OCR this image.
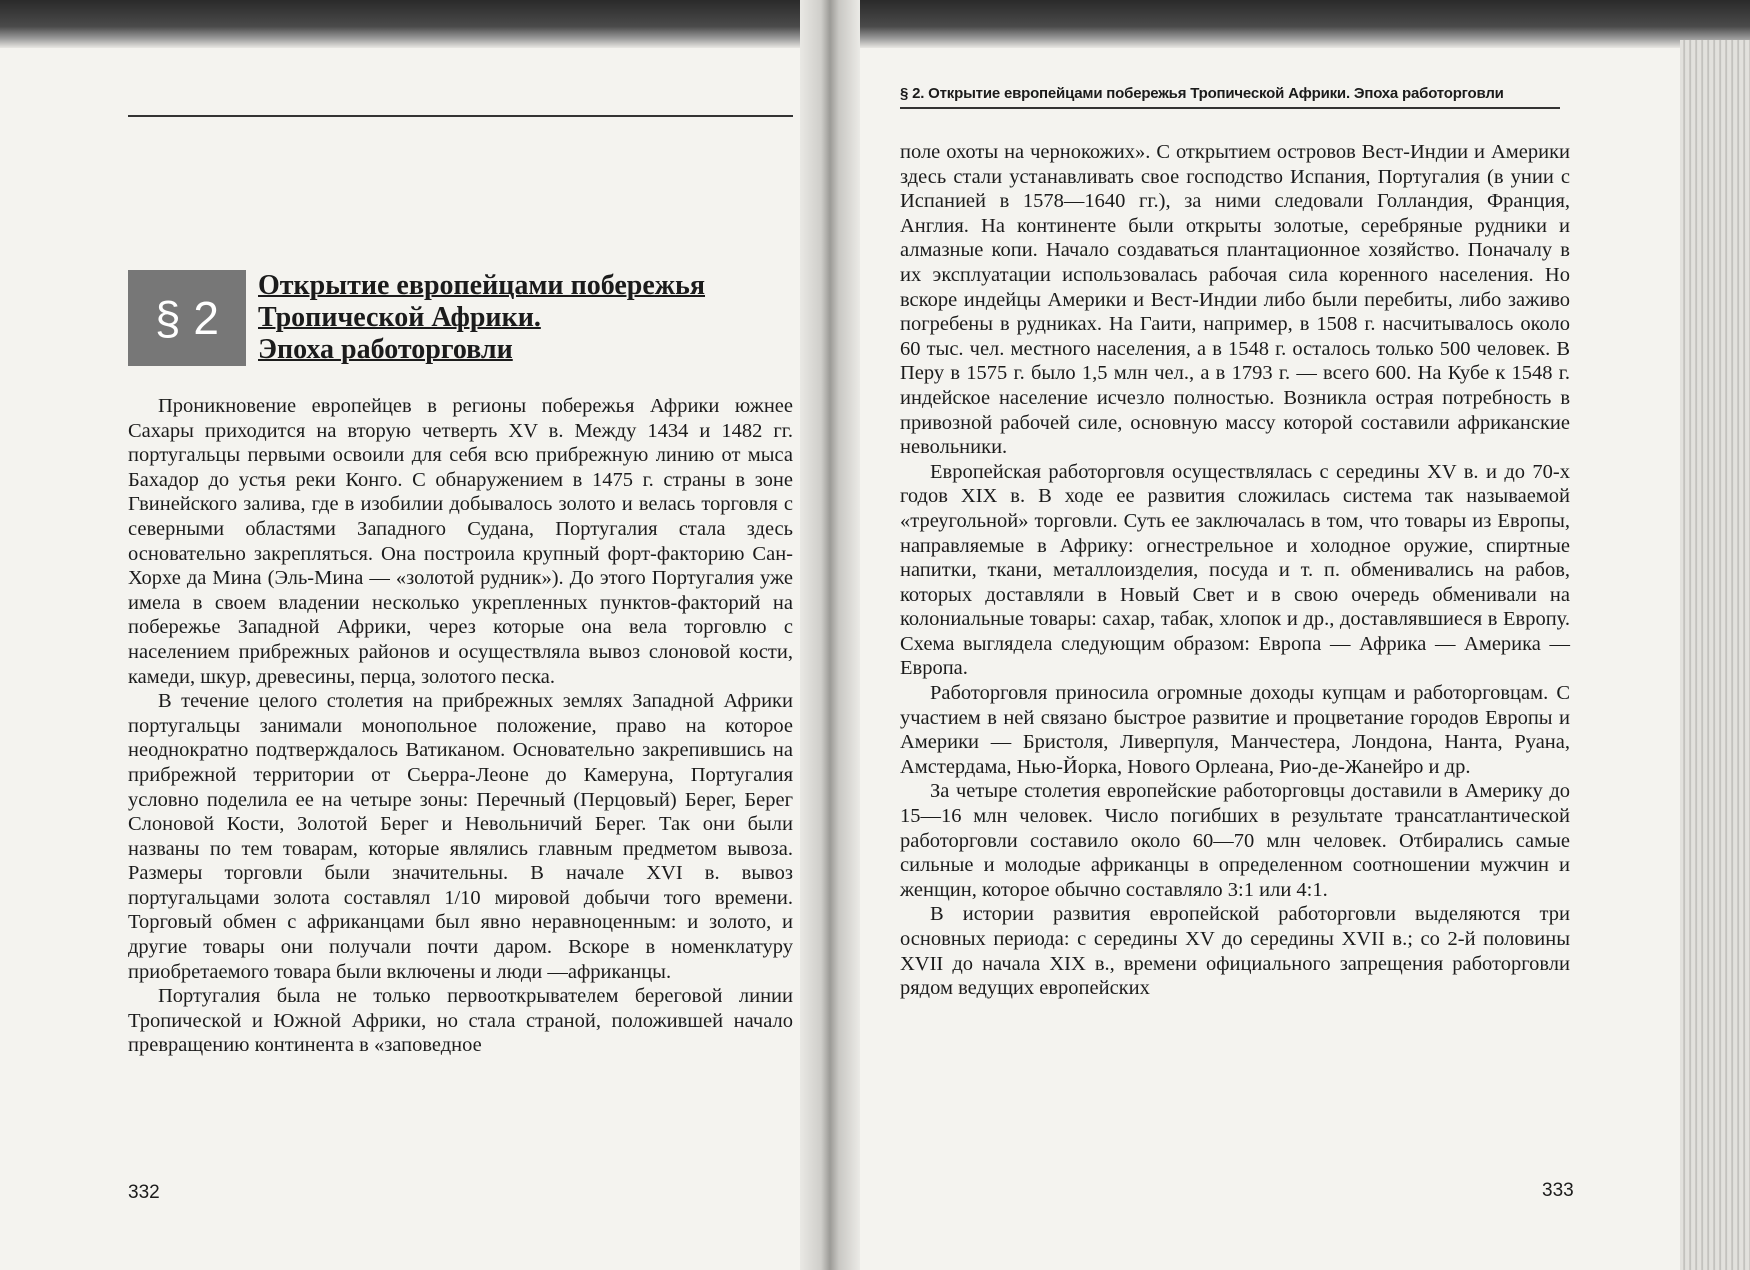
§ 2
Открытие европейцами побережья
Тропической Африки.
Эпоха работорговли

Проникновение европейцев в регионы побережья Африки южнее Сахары приходится на вторую четверть XV в. Между 1434 и 1482 гг. португальцы первыми освоили для себя всю прибрежную линию от мыса Бахадор до устья реки Конго. С обнаружением в 1475 г. страны в зоне Гвинейского залива, где в изобилии добывалось золото и велась торговля с северными областями Западного Судана, Португалия стала здесь основательно закрепляться. Она построила крупный форт-факторию Сан-Хорхе да Мина (Эль-Мина — «золотой рудник»). До этого Португалия уже имела в своем владении несколько укрепленных пунктов-факторий на побережье Западной Африки, через которые она вела торговлю с населением прибрежных районов и осуществляла вывоз слоновой кости, камеди, шкур, древесины, перца, золотого песка.

В течение целого столетия на прибрежных землях Западной Африки португальцы занимали монопольное положение, право на которое неоднократно подтверждалось Ватиканом. Основательно закрепившись на прибрежной территории от Сьерра-Леоне до Камеруна, Португалия условно поделила ее на четыре зоны: Перечный (Перцовый) Берег, Берег Слоновой Кости, Золотой Берег и Невольничий Берег. Так они были названы по тем товарам, которые являлись главным предметом вывоза. Размеры торговли были значительны. В начале XVI в. вывоз португальцами золота составлял 1/10 мировой добычи того времени. Торговый обмен с африканцами был явно неравноценным: и золото, и другие товары они получали почти даром. Вскоре в номенклатуру приобретаемого товара были включены и люди —африканцы.

Португалия была не только первооткрывателем береговой линии Тропической и Южной Африки, но стала страной, положившей начало превращению континента в «заповедное

332
§ 2. Открытие европейцами побережья Тропической Африки. Эпоха работорговли

поле охоты на чернокожих». С открытием островов Вест-Индии и Америки здесь стали устанавливать свое господство Испания, Португалия (в унии с Испанией в 1578—1640 гг.), за ними следовали Голландия, Франция, Англия. На континенте были открыты золотые, серебряные рудники и алмазные копи. Начало создаваться плантационное хозяйство. Поначалу в их эксплуатации использовалась рабочая сила коренного населения. Но вскоре индейцы Америки и Вест-Индии либо были перебиты, либо заживо погребены в рудниках. На Гаити, например, в 1508 г. насчитывалось около 60 тыс. чел. местного населения, а в 1548 г. осталось только 500 человек. В Перу в 1575 г. было 1,5 млн чел., а в 1793 г. — всего 600. На Кубе к 1548 г. индейское население исчезло полностью. Возникла острая потребность в привозной рабочей силе, основную массу которой составили африканские невольники.

Европейская работорговля осуществлялась с середины XV в. и до 70-х годов XIX в. В ходе ее развития сложилась система так называемой «треугольной» торговли. Суть ее заключалась в том, что товары из Европы, направляемые в Африку: огнестрельное и холодное оружие, спиртные напитки, ткани, металлоизделия, посуда и т. п. обменивались на рабов, которых доставляли в Новый Свет и в свою очередь обменивали на колониальные товары: сахар, табак, хлопок и др., доставлявшиеся в Европу. Схема выглядела следующим образом: Европа — Африка — Америка — Европа.

Работорговля приносила огромные доходы купцам и работорговцам. С участием в ней связано быстрое развитие и процветание городов Европы и Америки — Бристоля, Ливерпуля, Манчестера, Лондона, Нанта, Руана, Амстердама, Нью-Йорка, Нового Орлеана, Рио-де-Жанейро и др.

За четыре столетия европейские работорговцы доставили в Америку до 15—16 млн человек. Число погибших в результате трансатлантической работорговли составило около 60—70 млн человек. Отбирались самые сильные и молодые африканцы в определенном соотношении мужчин и женщин, которое обычно составляло 3:1 или 4:1.

В истории развития европейской работорговли выделяются три основных периода: с середины XV до середины XVII в.; со 2-й половины XVII до начала XIX в., времени официального запрещения работорговли рядом ведущих европейских

333
